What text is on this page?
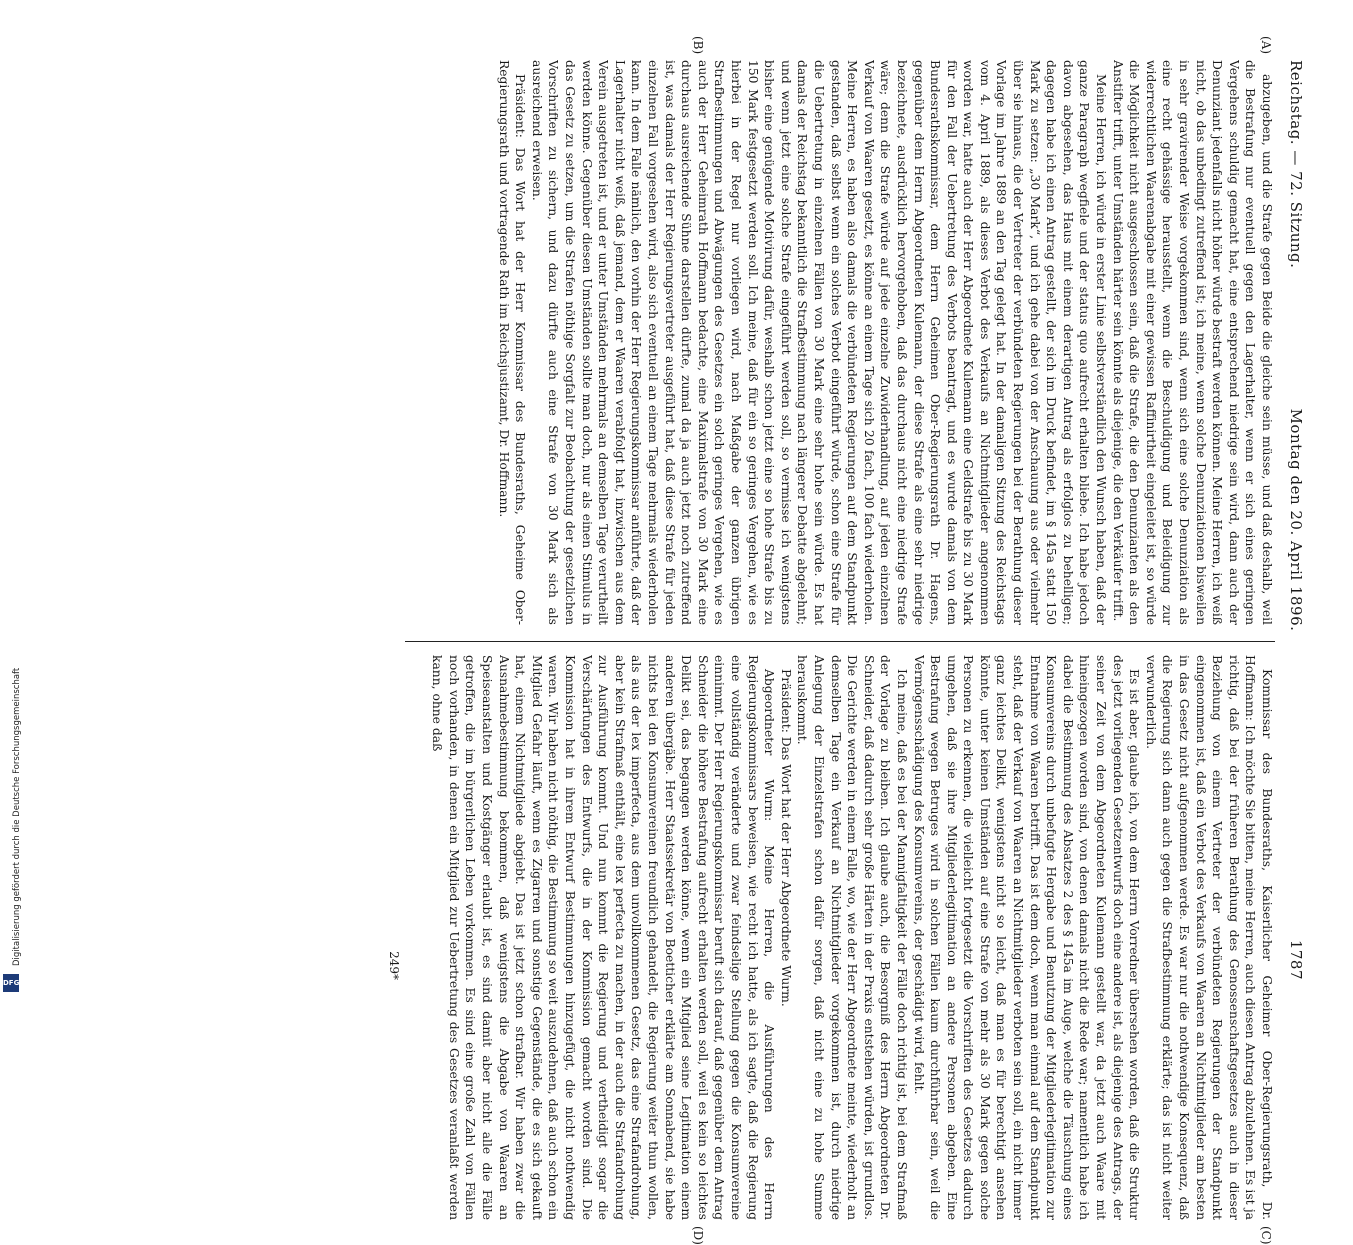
Digitalisierung gefördert durch die Deutsche Forschungsgemeinschaft
DFG
Reichstag. — 72. Sitzung.
Montag den 20. April 1896.
1787

abzugeben, und die Strafe gegen Beide die gleiche sein müsse, und daß deshalb, weil die Bestrafung nur eventuell gegen den Lagerhalter, wenn er sich eines geringen Vergehens schuldig gemacht hat, eine entsprechend niedrige sein wird, dann auch der Denunziant jedenfalls nicht höher würde bestraft werden können. Meine Herren, ich weiß nicht, ob das unbedingt zutreffend ist; ich meine, wenn solche Denunziationen bisweilen in sehr gravirender Weise vorgekommen sind, wenn sich eine solche Denunziation als eine recht gehässige herausstellt, wenn die Beschuldigung und Beleidigung zur widerrechtlichen Waarenabgabe mit einer gewissen Raffinirtheit eingeleitet ist, so würde die Möglichkeit nicht ausgeschlossen sein, daß die Strafe, die den Denunzianten als den Anstifter trifft, unter Umständen härter sein könnte als diejenige, die den Verkäufer trifft.

Meine Herren, ich würde in erster Linie selbstverständlich den Wunsch haben, daß der ganze Paragraph wegfiele und der status quo aufrecht erhalten bliebe. Ich habe jedoch davon abgesehen, das Haus mit einem derartigen Antrag als erfolglos zu behelligen; dagegen habe ich einen Antrag gestellt, der sich im Druck befindet, im § 145a statt 150 Mark zu setzen: „30 Mark“, und ich gehe dabei von der Anschauung aus oder vielmehr über sie hinaus, die der Vertreter der verbündeten Regierungen bei der Berathung dieser Vorlage im Jahre 1889 an den Tag gelegt hat. In der damaligen Sitzung des Reichstags vom 4. April 1889, als dieses Verbot des Verkaufs an Nichtmitglieder angenommen worden war, hatte auch der Herr Abgeordnete Kulemann eine Geldstrafe bis zu 30 Mark für den Fall der Uebertretung des Verbots beantragt, und es wurde damals von dem Bundesrathskommissar, dem Herrn Geheimen Ober-Regierungsrath Dr. Hagens, gegenüber dem Herrn Abgeordneten Kulemann, der diese Strafe als eine sehr niedrige bezeichnete, ausdrücklich hervorgehoben, daß das durchaus nicht eine niedrige Strafe wäre; denn die Strafe würde auf jede einzelne Zuwiderhandlung, auf jeden einzelnen Verkauf von Waaren gesetzt, es könne an einem Tage sich 20 fach, 100 fach wiederholen. Meine Herren, es haben also damals die verbündeten Regierungen auf dem Standpunkt gestanden, daß selbst wenn ein solches Verbot eingeführt würde, schon eine Strafe für die Uebertretung in einzelnen Fällen von 30 Mark eine sehr hohe sein würde. Es hat damals der Reichstag bekanntlich die Strafbestimmung nach längerer Debatte abgelehnt; und wenn jetzt eine solche Strafe eingeführt werden soll, so vermisse ich wenigstens bisher eine genügende Motivirung dafür, weshalb schon jetzt eine so hohe Strafe bis zu 150 Mark festgesetzt werden soll. Ich meine, daß für ein so geringes Vergehen, wie es hierbei in der Regel nur vorliegen wird, nach Maßgabe der ganzen übrigen Strafbestimmungen und Abwägungen des Gesetzes ein solch geringes Vergehen, wie es auch der Herr Geheimrath Hoffmann bedachte, eine Maximalstrafe von 30 Mark eine durchaus ausreichende Sühne darstellen dürfte, zumal da ja auch jetzt noch zutreffend ist, was damals der Herr Regierungsvertreter ausgeführt hat, daß diese Strafe für jeden einzelnen Fall vorgesehen wird, also sich eventuell an einem Tage mehrmals wiederholen kann. In dem Falle nämlich, den vorhin der Herr Regierungskommissar anführte, daß der Lagerhalter nicht weiß, daß jemand, dem er Waaren verabfolgt hat, inzwischen aus dem Verein ausgetreten ist, und er unter Umständen mehrmals an demselben Tage verurtheilt werden könne. Gegenüber diesen Umständen sollte man doch, nur als einen Stimulus in das Gesetz zu setzen, um die Strafen nöthige Sorgfalt zur Beobachtung der gesetzlichen Vorschriften zu sichern, und dazu dürfte auch eine Strafe von 30 Mark sich als ausreichend erweisen.

Präsident: Das Wort hat der Herr Kommissar des Bundesraths, Geheime Ober-Regierungsrath und vortragende Rath im Reichsjustizamt, Dr. Hoffmann.

Kommissar des Bundesraths, Kaiserlicher Geheimer Ober-Regierungsrath, Dr. Hoffmann: Ich möchte Sie bitten, meine Herren, auch diesen Antrag abzulehnen. Es ist ja richtig, daß bei der früheren Berathung des Genossenschaftsgesetzes auch in dieser Beziehung von einem Vertreter der verbündeten Regierungen der Standpunkt eingenommen ist, daß ein Verbot des Verkaufs von Waaren an Nichtmitglieder am besten in das Gesetz nicht aufgenommen werde. Es war nur die nothwendige Konsequenz, daß die Regierung sich dann auch gegen die Strafbestimmung erklärte; das ist nicht weiter verwunderlich.

Es ist aber, glaube ich, von dem Herrn Vorredner übersehen worden, daß die Struktur des jetzt vorliegenden Gesetzentwurfs doch eine andere ist, als diejenige des Antrags, der seiner Zeit von dem Abgeordneten Kulemann gestellt war, da jetzt auch Waare mit hineingezogen worden sind, von denen damals nicht die Rede war; namentlich habe ich dabei die Bestimmung des Absatzes 2 des § 145a im Auge, welche die Täuschung eines Konsumvereins durch unbefugte Hergabe und Benutzung der Mitgliederlegitimation zur Entnahme von Waaren betrifft. Das ist dem doch, wenn man einmal auf dem Standpunkt steht, daß der Verkauf von Waaren an Nichtmitglieder verboten sein soll, ein nicht immer ganz leichtes Delikt, wenigstens nicht so leicht, daß man es für berechtigt ansehen könnte, unter keinen Umständen auf eine Strafe von mehr als 30 Mark gegen solche Personen zu erkennen, die vielleicht fortgesetzt die Vorschriften des Gesetzes dadurch umgehen, daß sie ihre Mitgliederlegitimation an andere Personen abgeben. Eine Bestrafung wegen Betruges wird in solchen Fällen kaum durchführbar sein, weil die Vermögensschädigung des Konsumvereins, der geschädigt wird, fehlt.

Ich meine, daß es bei der Mannigfaltigkeit der Fälle doch richtig ist, bei dem Strafmaß der Vorlage zu bleiben. Ich glaube auch, die Besorgniß des Herrn Abgeordneten Dr. Schneider, daß dadurch sehr große Härten in der Praxis entstehen würden, ist grundlos. Die Gerichte werden in einem Falle, wo, wie der Herr Abgeordnete meinte, wiederholt an demselben Tage ein Verkauf an Nichtmitglieder vorgekommen ist, durch niedrige Anlegung der Einzelstrafen schon dafür sorgen, daß nicht eine zu hohe Summe herauskommt.

Präsident: Das Wort hat der Herr Abgeordnete Wurm.

Abgeordneter Wurm: Meine Herren, die Ausführungen des Herrn Regierungskommissars beweisen, wie recht ich hatte, als ich sagte, daß die Regierung eine vollständig veränderte und zwar feindselige Stellung gegen die Konsumvereine einnimmt. Der Herr Regierungskommissar beruft sich darauf, daß gegenüber dem Antrag Schneider die höhere Bestrafung aufrecht erhalten werden soll, weil es kein so leichtes Delikt sei, das begangen werden könne, wenn ein Mitglied seine Legitimation einem anderen übergäbe. Herr Staatssekretär von Boetticher erklärte am Sonnabend, sie habe nichts bei den Konsumvereinen freundlich gehandelt, die Regierung weiter thun wollen, als aus der lex imperfecta, aus dem unvollkommenen Gesetz, das eine Strafandrohung, aber kein Strafmaß enthält, eine lex perfecta zu machen, in der auch die Strafandrohung zur Ausführung kommt. Und nun kommt die Regierung und vertheidigt sogar die Verschärfungen des Entwurfs, die in der Kommission gemacht worden sind. Die Kommission hat in ihrem Entwurf Bestimmungen hinzugefügt, die nicht nothwendig waren. Wir haben nicht nöthig, die Bestimmung so weit auszudehnen, daß auch schon ein Mitglied Gefahr läuft, wenn es Zigarren und sonstige Gegenstände, die es sich gekauft hat, einem Nichtmitgliede abgiebt. Das ist jetzt schon strafbar. Wir haben zwar die Ausnahmebestimmung bekommen, daß wenigstens die Abgabe von Waaren an Speiseanstalten und Kostgänger erlaubt ist, es sind damit aber nicht alle die Fälle getroffen, die im bürgerlichen Leben vorkommen. Es sind eine große Zahl von Fällen noch vorhanden, in denen ein Mitglied zur Uebertretung des Gesetzes veranlaßt werden kann, ohne daß

(A)
(B)
(C)
(D)
249*
